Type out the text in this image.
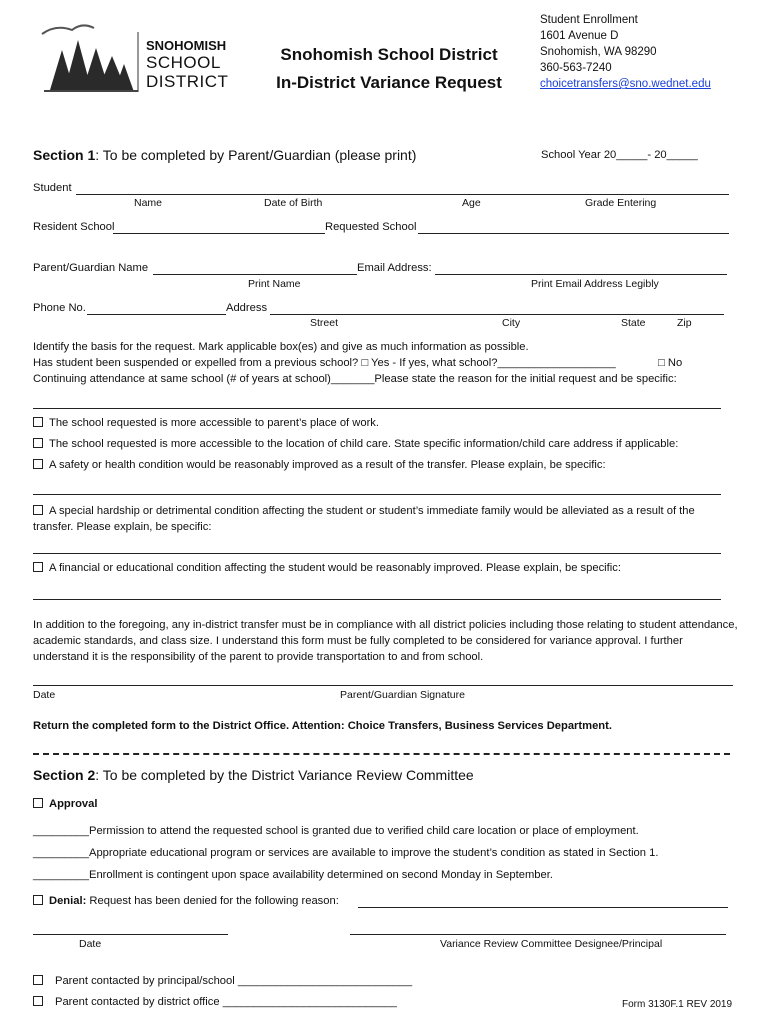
SNOHOMISH
SCHOOL
DISTRICT
Snohomish School District
In-District Variance Request
Student Enrollment
1601 Avenue D
Snohomish, WA 98290
360-563-7240
choicetransfers@sno.wednet.edu
Section 1: To be completed by Parent/Guardian (please print)	School Year 20_____- 20_____
Student
Name	Date of Birth	Age	Grade Entering
Resident School	Requested School
Parent/Guardian Name	Email Address:
Print Name	Print Email Address Legibly
Phone No.	Address
Street	City	State	Zip
Identify the basis for the request. Mark applicable box(es) and give as much information as possible.
Has student been suspended or expelled from a previous school? □ Yes - If yes, what school?___________________	□ No
Continuing attendance at same school (# of years at school)_______Please state the reason for the initial request and be specific:
The school requested is more accessible to parent’s place of work.
The school requested is more accessible to the location of child care. State specific information/child care address if applicable:
A safety or health condition would be reasonably improved as a result of the transfer. Please explain, be specific:
A special hardship or detrimental condition affecting the student or student’s immediate family would be alleviated as a result of the transfer. Please explain, be specific:
A financial or educational condition affecting the student would be reasonably improved. Please explain, be specific:
In addition to the foregoing, any in-district transfer must be in compliance with all district policies including those relating to student attendance, academic standards, and class size. I understand this form must be fully completed to be considered for variance approval. I further understand it is the responsibility of the parent to provide transportation to and from school.
Date	Parent/Guardian Signature
Return the completed form to the District Office. Attention: Choice Transfers, Business Services Department.
Section 2: To be completed by the District Variance Review Committee
Approval
_________Permission to attend the requested school is granted due to verified child care location or place of employment.
_________Appropriate educational program or services are available to improve the student’s condition as stated in Section 1.
_________Enrollment is contingent upon space availability determined on second Monday in September.
Denial: Request has been denied for the following reason:
Date	Variance Review Committee Designee/Principal
Parent contacted by principal/school ____________________________
Parent contacted by district office ____________________________	Form 3130F.1 REV 2019
